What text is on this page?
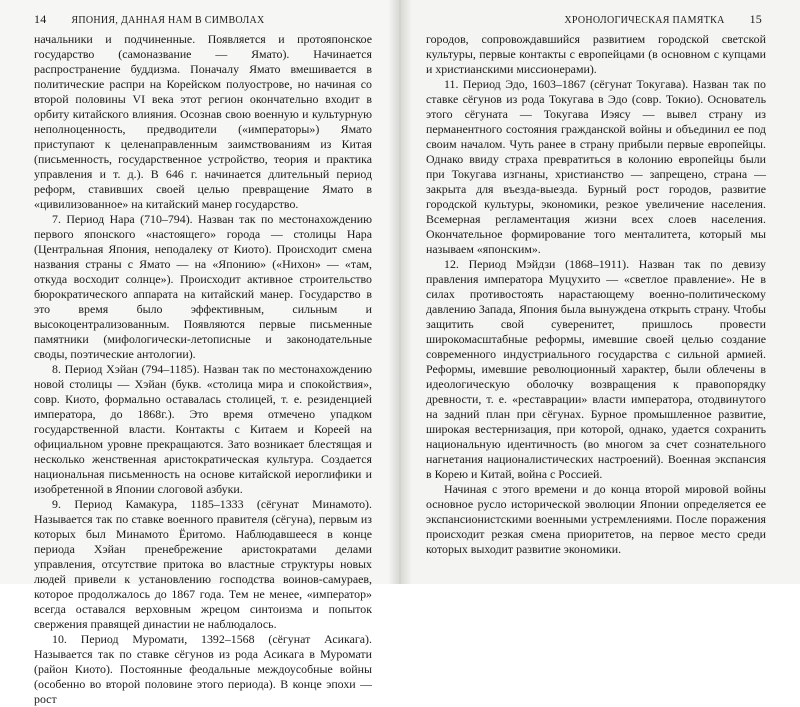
14 ЯПОНИЯ, ДАННАЯ НАМ В СИМВОЛАХ

начальники и подчиненные. Появляется и протояпонское государство (самоназвание — Ямато). Начинается распространение буддизма. Поначалу Ямато вмешивается в политические распри на Корейском полуострове, но начиная со второй половины VI века этот регион окончательно входит в орбиту китайского влияния. Осознав свою военную и культурную неполноценность, предводители («императоры») Ямато приступают к целенаправленным заимствованиям из Китая (письменность, государственное устройство, теория и практика управления и т. д.). В 646 г. начинается длительный период реформ, ставивших своей целью превращение Ямато в «цивилизованное» на китайский манер государство.

7. Период Нара (710–794). Назван так по местонахождению первого японского «настоящего» города — столицы Нара (Центральная Япония, неподалеку от Киото). Происходит смена названия страны с Ямато — на «Японию» («Нихон» — «там, откуда восходит солнце»). Происходит активное строительство бюрократического аппарата на китайский манер. Государство в это время было эффективным, сильным и высокоцентрализованным. Появляются первые письменные памятники (мифологически-летописные и законодательные своды, поэтические антологии).

8. Период Хэйан (794–1185). Назван так по местонахождению новой столицы — Хэйан (букв. «столица мира и спокойствия», совр. Киото, формально оставалась столицей, т. е. резиденцией императора, до 1868г.). Это время отмечено упадком государственной власти. Контакты с Китаем и Кореей на официальном уровне прекращаются. Зато возникает блестящая и несколько женственная аристократическая культура. Создается национальная письменность на основе китайской иероглифики и изобретенной в Японии слоговой азбуки.

9. Период Камакура, 1185–1333 (сёгунат Минамото). Называется так по ставке военного правителя (сёгуна), первым из которых был Минамото Ёритомо. Наблюдавшееся в конце периода Хэйан пренебрежение аристократами делами управления, отсутствие притока во властные структуры новых людей привели к установлению господства воинов-самураев, которое продолжалось до 1867 года. Тем не менее, «император» всегда оставался верховным жрецом синтоизма и попыток свержения правящей династии не наблюдалось.

10. Период Муромати, 1392–1568 (сёгунат Асикага). Называется так по ставке сёгунов из рода Асикага в Муромати (район Киото). Постоянные феодальные междоусобные войны (особенно во второй половине этого периода). В конце эпохи — рост

ХРОНОЛОГИЧЕСКАЯ ПАМЯТКА 15

городов, сопровождавшийся развитием городской светской культуры, первые контакты с европейцами (в основном с купцами и христианскими миссионерами).

11. Период Эдо, 1603–1867 (сёгунат Токугава). Назван так по ставке сёгунов из рода Токугава в Эдо (совр. Токио). Основатель этого сёгуната — Токугава Иэясу — вывел страну из перманентного состояния гражданской войны и объединил ее под своим началом. Чуть ранее в страну прибыли первые европейцы. Однако ввиду страха превратиться в колонию европейцы были при Токугава изгнаны, христианство — запрещено, страна — закрыта для въезда-выезда. Бурный рост городов, развитие городской культуры, экономики, резкое увеличение населения. Всемерная регламентация жизни всех слоев населения. Окончательное формирование того менталитета, который мы называем «японским».

12. Период Мэйдзи (1868–1911). Назван так по девизу правления императора Муцухито — «светлое правление». Не в силах противостоять нарастающему военно-политическому давлению Запада, Япония была вынуждена открыть страну. Чтобы защитить свой суверенитет, пришлось провести широкомасштабные реформы, имевшие своей целью создание современного индустриального государства с сильной армией. Реформы, имевшие революционный характер, были облечены в идеологическую оболочку возвращения к правопорядку древности, т. е. «реставрации» власти императора, отодвинутого на задний план при сёгунах. Бурное промышленное развитие, широкая вестернизация, при которой, однако, удается сохранить национальную идентичность (во многом за счет сознательного нагнетания националистических настроений). Военная экспансия в Корею и Китай, война с Россией.

Начиная с этого времени и до конца второй мировой войны основное русло исторической эволюции Японии определяется ее экспансионистскими военными устремлениями. После поражения происходит резкая смена приоритетов, на первое место среди которых выходит развитие экономики.
